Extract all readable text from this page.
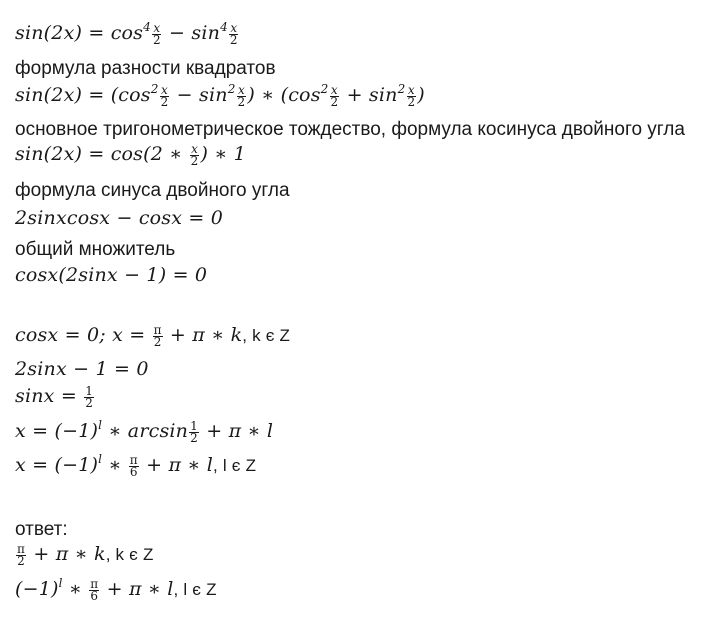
$\sin(2x) = \cos^4 \frac{x}{2} - \sin^4 \frac{x}{2}$
формула разности квадратов
$\sin(2x) = (\cos^2 \frac{x}{2} - \sin^2 \frac{x}{2}$ ) ∗ ($\cos^2 \frac{x}{2} + \sin^2 \frac{x}{2}$ )
основное тригонометрическое тождество, формула косинуса двойного угла
sin(2x) = cos(2 ∗ $\frac{x}{2}$ ) ∗ 1
формула синуса двойного угла
2sinxcosx − cosx = 0
общий множитель
cosx(2sinx − 1) = 0
cosx = 0; $x = \frac{\pi}{2} + \pi$ ∗ k, k є Z
2sinx − 1 = 0
$\sin x = \frac{1}{2}$
$x = (-1)^l$ ∗ $\arcsin \frac{1}{2} + \pi$ ∗ l
$x = (-1)^l$ ∗ $\frac{\pi}{6} + \pi$ ∗ l, l є Z
ответ:
$\frac{\pi}{2} + \pi$ ∗ k, k є Z
$(-1)^l$ ∗ $\frac{\pi}{6} + \pi$ ∗ l, l є Z
